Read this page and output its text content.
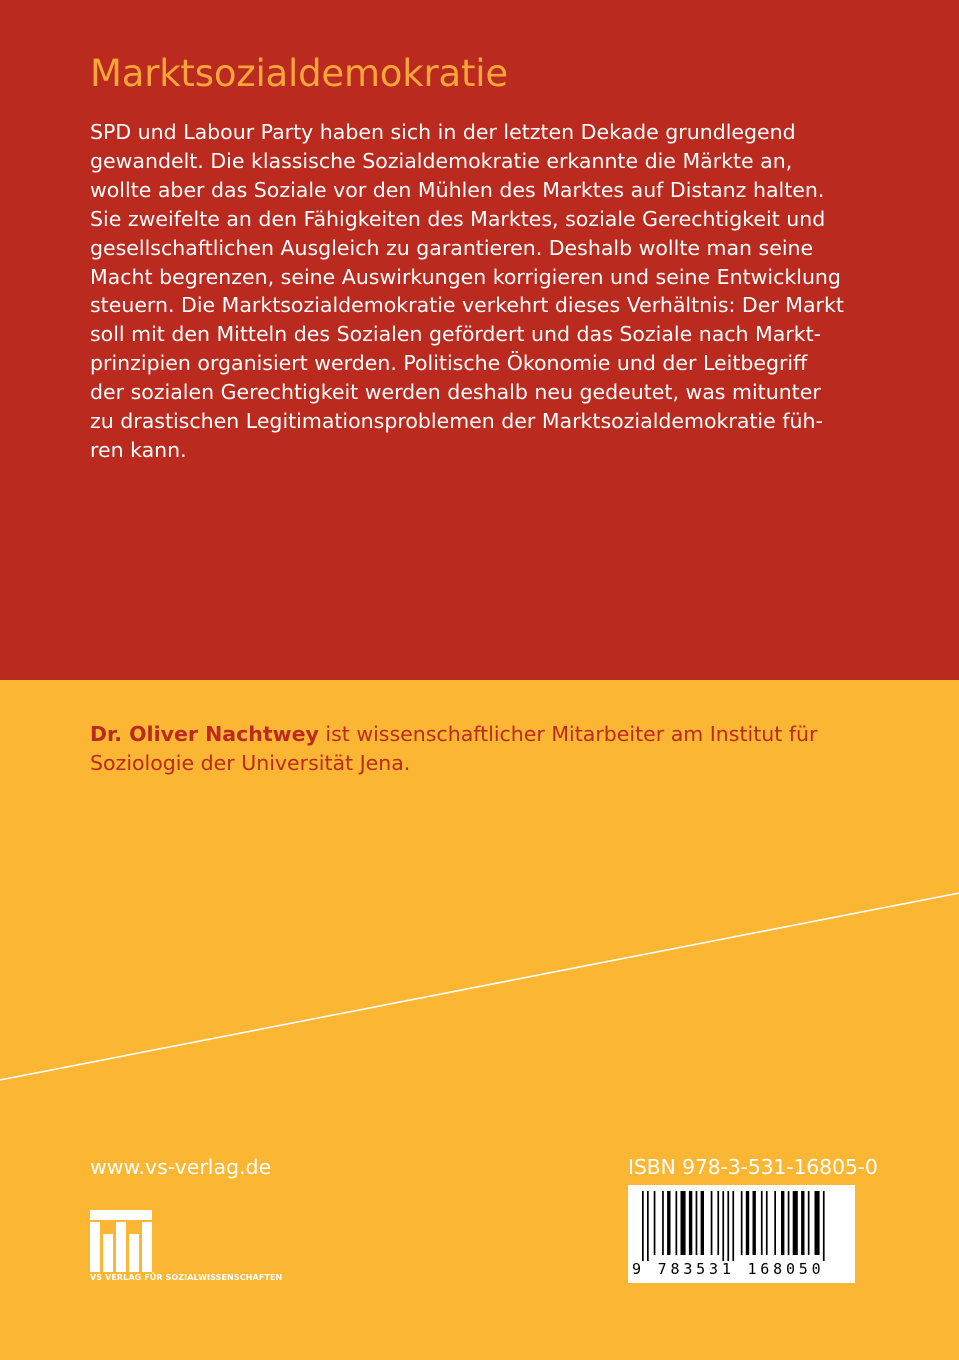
Marktsozialdemokratie

SPD und Labour Party haben sich in der letzten Dekade grundlegend
gewandelt. Die klassische Sozialdemokratie erkannte die Märkte an,
wollte aber das Soziale vor den Mühlen des Marktes auf Distanz halten.
Sie zweifelte an den Fähigkeiten des Marktes, soziale Gerechtigkeit und
gesellschaftlichen Ausgleich zu garantieren. Deshalb wollte man seine
Macht begrenzen, seine Auswirkungen korrigieren und seine Entwicklung
steuern. Die Marktsozialdemokratie verkehrt dieses Verhältnis: Der Markt
soll mit den Mitteln des Sozialen gefördert und das Soziale nach Markt-
prinzipien organisiert werden. Politische Ökonomie und der Leitbegriff
der sozialen Gerechtigkeit werden deshalb neu gedeutet, was mitunter
zu drastischen Legitimationsproblemen der Marktsozialdemokratie füh-
ren kann.

Dr. Oliver Nachtwey ist wissenschaftlicher Mitarbeiter am Institut für
Soziologie der Universität Jena.

www.vs-verlag.de	ISBN 978-3-531-16805-0
VS VERLAG FÜR SOZIALWISSENSCHAFTEN	9 783531 168050
